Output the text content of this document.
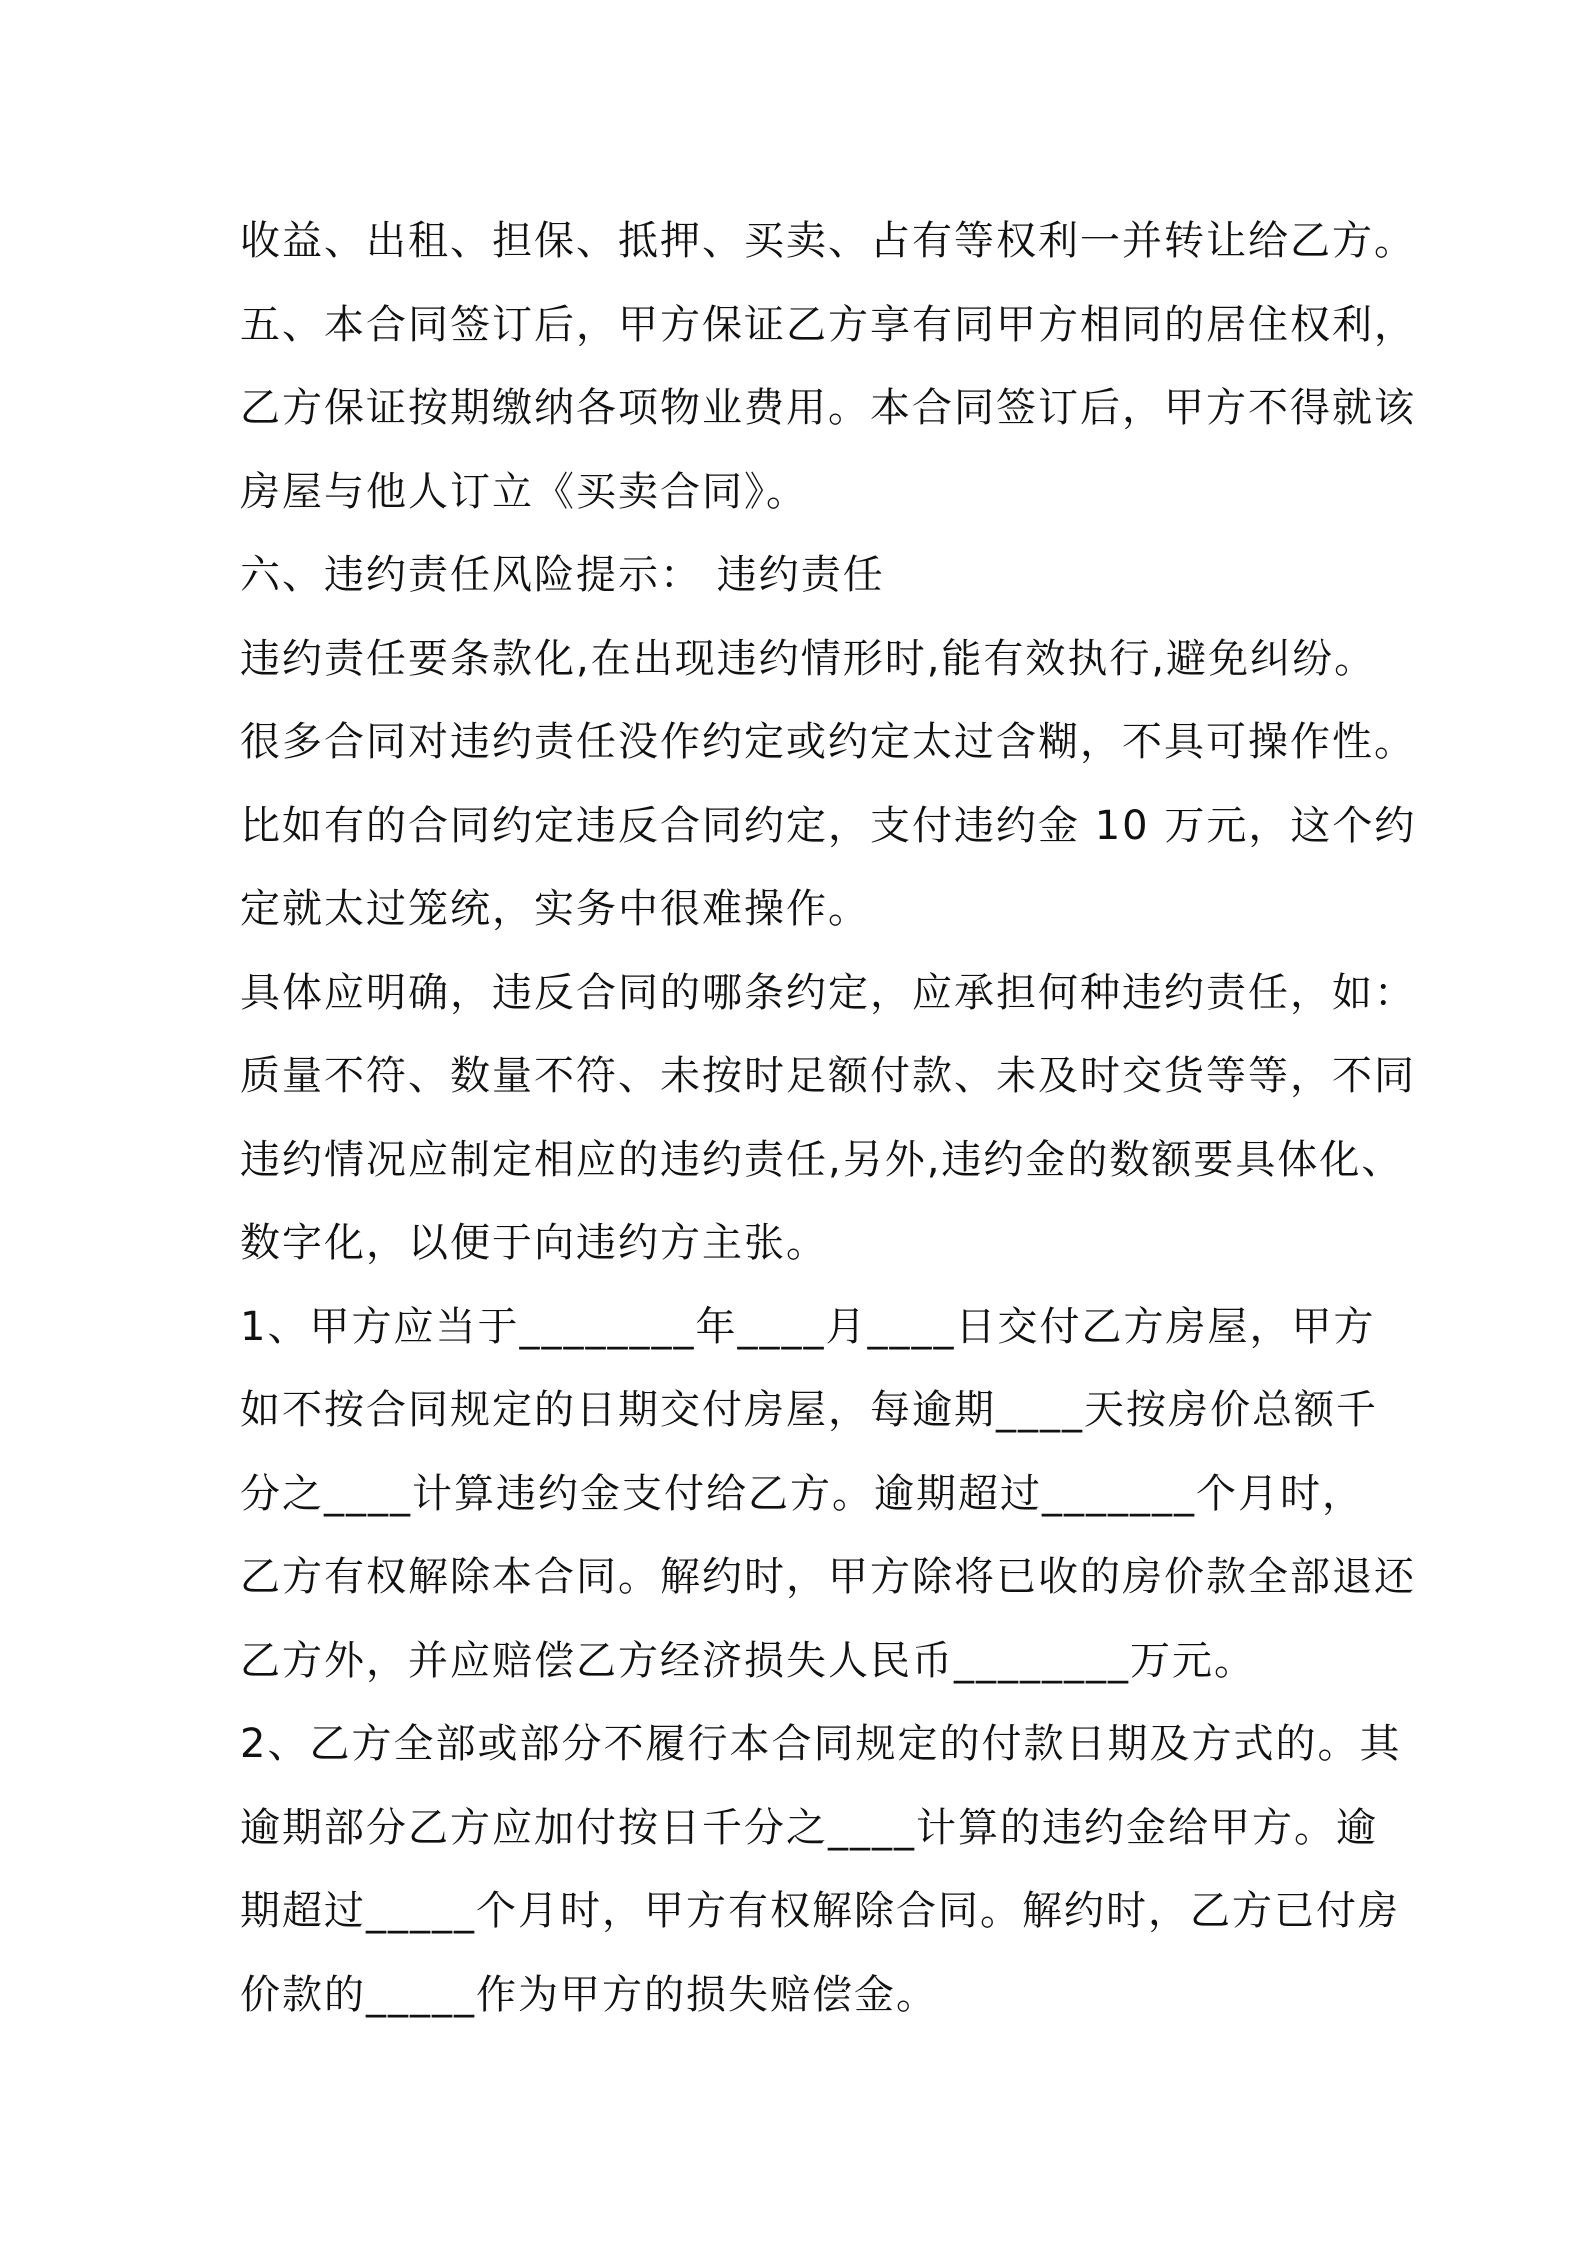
收益、出租、担保、抵押、买卖、占有等权利一并转让给乙方。
五、本合同签订后，甲方保证乙方享有同甲方相同的居住权利，
乙方保证按期缴纳各项物业费用。本合同签订后，甲方不得就该
房屋与他人订立《买卖合同》。
六、违约责任风险提示： 违约责任
违约责任要条款化,在出现违约情形时,能有效执行,避免纠纷。
很多合同对违约责任没作约定或约定太过含糊，不具可操作性。
比如有的合同约定违反合同约定，支付违约金 10 万元，这个约
定就太过笼统，实务中很难操作。
具体应明确，违反合同的哪条约定，应承担何种违约责任，如：
质量不符、数量不符、未按时足额付款、未及时交货等等，不同
违约情况应制定相应的违约责任,另外,违约金的数额要具体化、
数字化，以便于向违约方主张。
1、甲方应当于________年____月____日交付乙方房屋，甲方
如不按合同规定的日期交付房屋，每逾期____天按房价总额千
分之____计算违约金支付给乙方。逾期超过_______个月时，
乙方有权解除本合同。解约时，甲方除将已收的房价款全部退还
乙方外，并应赔偿乙方经济损失人民币________万元。
2、乙方全部或部分不履行本合同规定的付款日期及方式的。其
逾期部分乙方应加付按日千分之____计算的违约金给甲方。逾
期超过_____个月时，甲方有权解除合同。解约时，乙方已付房
价款的_____作为甲方的损失赔偿金。
